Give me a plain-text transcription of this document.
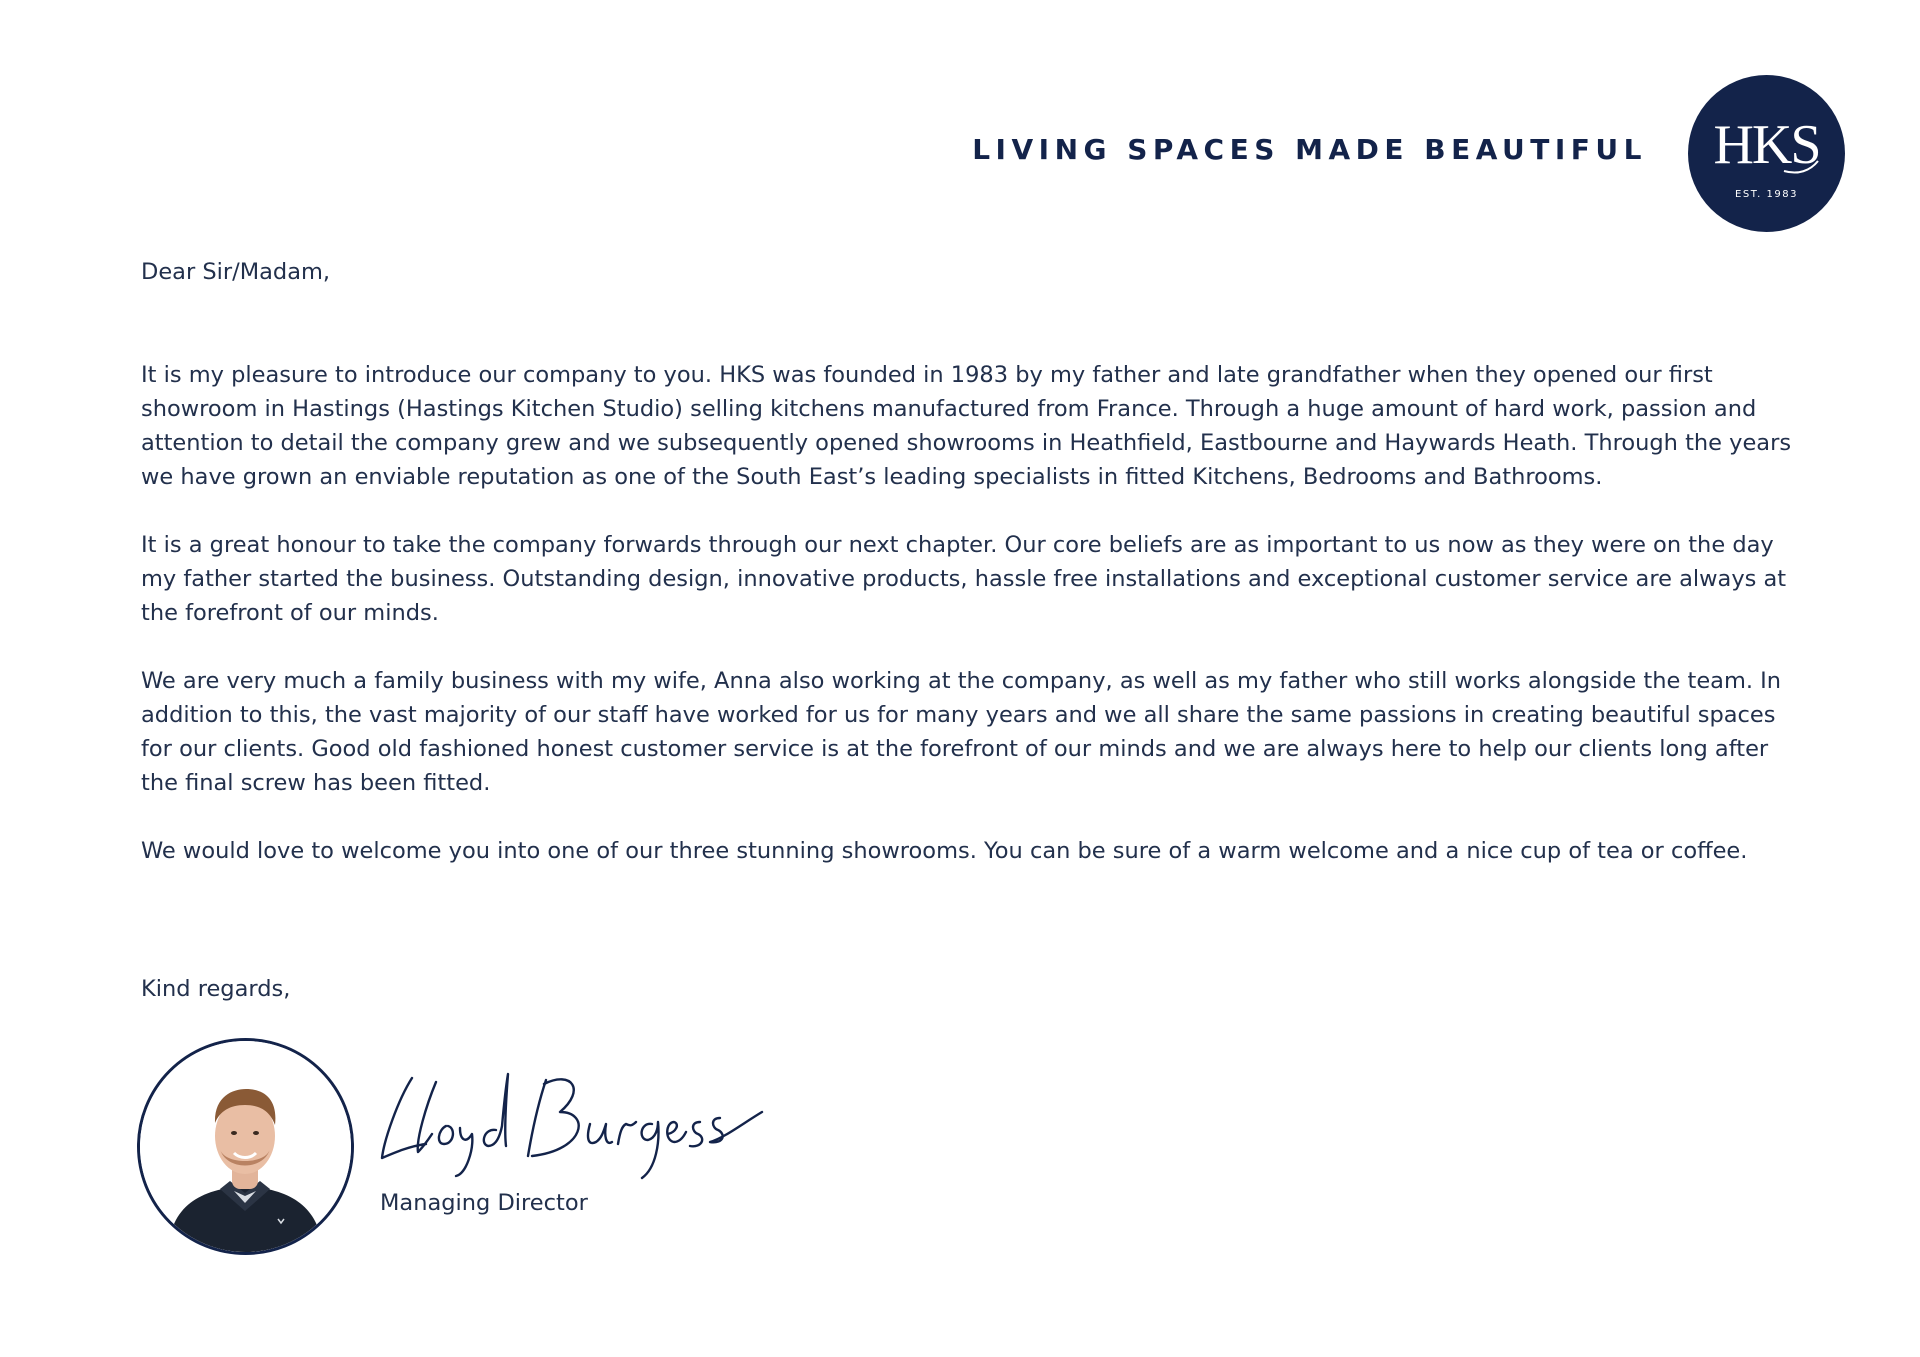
LIVING SPACES MADE BEAUTIFUL	HKS
EST. 1983
Dear Sir/Madam,

It is my pleasure to introduce our company to you. HKS was founded in 1983 by my father and late grandfather when they opened our first showroom in Hastings (Hastings Kitchen Studio) selling kitchens manufactured from France. Through a huge amount of hard work, passion and attention to detail the company grew and we subsequently opened showrooms in Heathfield, Eastbourne and Haywards Heath. Through the years we have grown an enviable reputation as one of the South East’s leading specialists in fitted Kitchens, Bedrooms and Bathrooms.

It is a great honour to take the company forwards through our next chapter. Our core beliefs are as important to us now as they were on the day my father started the business. Outstanding design, innovative products, hassle free installations and exceptional customer service are always at the forefront of our minds.

We are very much a family business with my wife, Anna also working at the company, as well as my father who still works alongside the team. In addition to this, the vast majority of our staff have worked for us for many years and we all share the same passions in creating beautiful spaces for our clients. Good old fashioned honest customer service is at the forefront of our minds and we are always here to help our clients long after the final screw has been fitted.

We would love to welcome you into one of our three stunning showrooms. You can be sure of a warm welcome and a nice cup of tea or coffee.

Kind regards,
Managing Director
